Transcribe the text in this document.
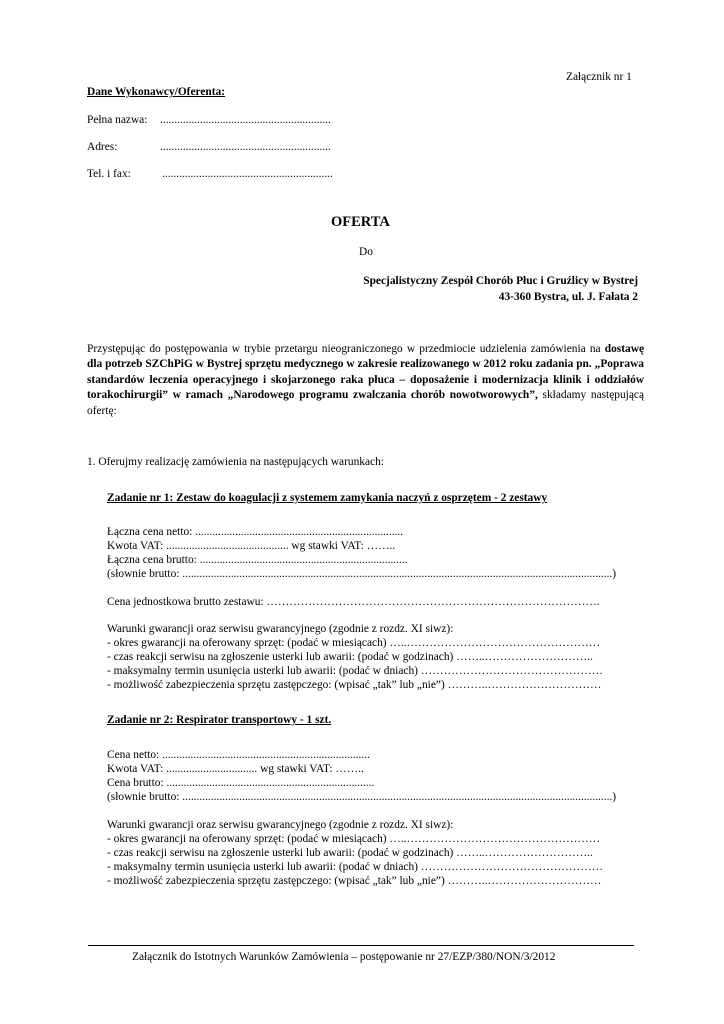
Załącznik nr 1
Dane Wykonawcy/Oferenta:
Pełna nazwa: ............................................................
Adres:	............................................................
Tel. i fax:	............................................................
OFERTA
Do
Specjalistyczny Zespół Chorób Płuc i Gruźlicy w Bystrej
43-360 Bystra, ul. J. Fałata 2
Przystępując do postępowania w trybie przetargu nieograniczonego w przedmiocie udzielenia zamówienia na dostawę dla potrzeb SZChPiG w Bystrej sprzętu medycznego w zakresie realizowanego w 2012 roku zadania pn. „Poprawa standardów leczenia operacyjnego i skojarzonego raka płuca – doposażenie i modernizacja klinik i oddziałów torakochirurgii” w ramach „Narodowego programu zwalczania chorób nowotworowych”, składamy następującą ofertę:
1. Oferujmy realizację zamówienia na następujących warunkach:
Zadanie nr 1: Zestaw do koagulacji z systemem zamykania naczyń z osprzętem - 2 zestawy
Łączna cena netto: .........................................................................
Kwota VAT: ........................................... wg stawki VAT: ……..
Łączna cena brutto: .........................................................................
(słownie brutto: .......................................................................................................................................................)
Cena jednostkowa brutto zestawu: …………………………………………………………………………….
Warunki gwarancji oraz serwisu gwarancyjnego (zgodnie z rozdz. XI siwz):
- okres gwarancji na oferowany sprzęt: (podać w miesiącach) …..……………………………………………
- czas reakcji serwisu na zgłoszenie usterki lub awarii: (podać w godzinach) ……..………………………..
- maksymalny termin usunięcia usterki lub awarii: (podać w dniach) …………………………………………
- możliwość zabezpieczenia sprzętu zastępczego: (wpisać „tak” lub „nie”) ………..…………………………
Zadanie nr 2: Respirator transportowy - 1 szt.
Cena netto: .........................................................................
Kwota VAT: ................................ wg stawki VAT: ……..
Cena brutto: .........................................................................
(słownie brutto: .......................................................................................................................................................)
Warunki gwarancji oraz serwisu gwarancyjnego (zgodnie z rozdz. XI siwz):
- okres gwarancji na oferowany sprzęt: (podać w miesiącach) …..……………………………………………
- czas reakcji serwisu na zgłoszenie usterki lub awarii: (podać w godzinach) ……..………………………..
- maksymalny termin usunięcia usterki lub awarii: (podać w dniach) …………………………………………
- możliwość zabezpieczenia sprzętu zastępczego: (wpisać „tak” lub „nie”) ………..…………………………
Załącznik do Istotnych Warunków Zamówienia – postępowanie nr 27/EZP/380/NON/3/2012
